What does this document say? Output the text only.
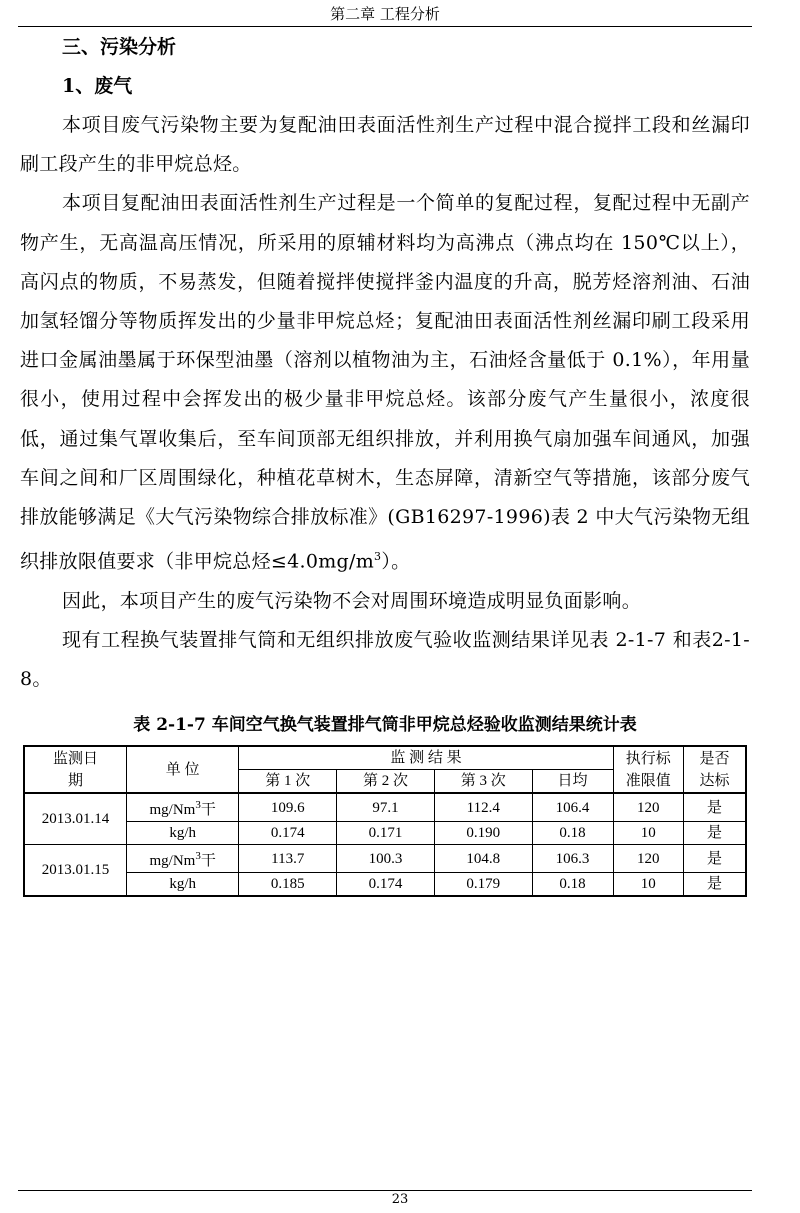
第二章 工程分析
三、污染分析
1、废气

本项目废气污染物主要为复配油田表面活性剂生产过程中混合搅拌工段和丝漏印刷工段产生的非甲烷总烃。

本项目复配油田表面活性剂生产过程是一个简单的复配过程，复配过程中无副产物产生，无高温高压情况，所采用的原辅材料均为高沸点（沸点均在 150℃以上），高闪点的物质，不易蒸发，但随着搅拌使搅拌釜内温度的升高，脱芳烃溶剂油、石油加氢轻馏分等物质挥发出的少量非甲烷总烃；复配油田表面活性剂丝漏印刷工段采用进口金属油墨属于环保型油墨（溶剂以植物油为主，石油烃含量低于 0.1%），年用量很小，使用过程中会挥发出的极少量非甲烷总烃。该部分废气产生量很小，浓度很低，通过集气罩收集后，至车间顶部无组织排放，并利用换气扇加强车间通风，加强车间之间和厂区周围绿化，种植花草树木，生态屏障，清新空气等措施，该部分废气排放能够满足《大气污染物综合排放标准》(GB16297-1996)表 2 中大气污染物无组织排放限值要求（非甲烷总烃$\le 4.0mg/m^3$）。

因此，本项目产生的废气污染物不会对周围环境造成明显负面影响。

现有工程换气装置排气筒和无组织排放废气验收监测结果详见表 2-1-7 和表2-1-8。

表 2-1-7 车间空气换气装置排气筒非甲烷总烃验收监测结果统计表
监测日期	单 位	监 测 结 果				执行标准限值	是否达标

		第 1 次	第 2 次	第 3 次	日均		
2013.01.14	mg/Nm$^3$干	109.6	97.1	112.4	106.4	120	是
	kg/h	0.174	0.171	0.190	0.18	10	是
2013.01.15	mg/Nm$^3$干	113.7	100.3	104.8	106.3	120	是
	kg/h	0.185	0.174	0.179	0.18	10	是
23
